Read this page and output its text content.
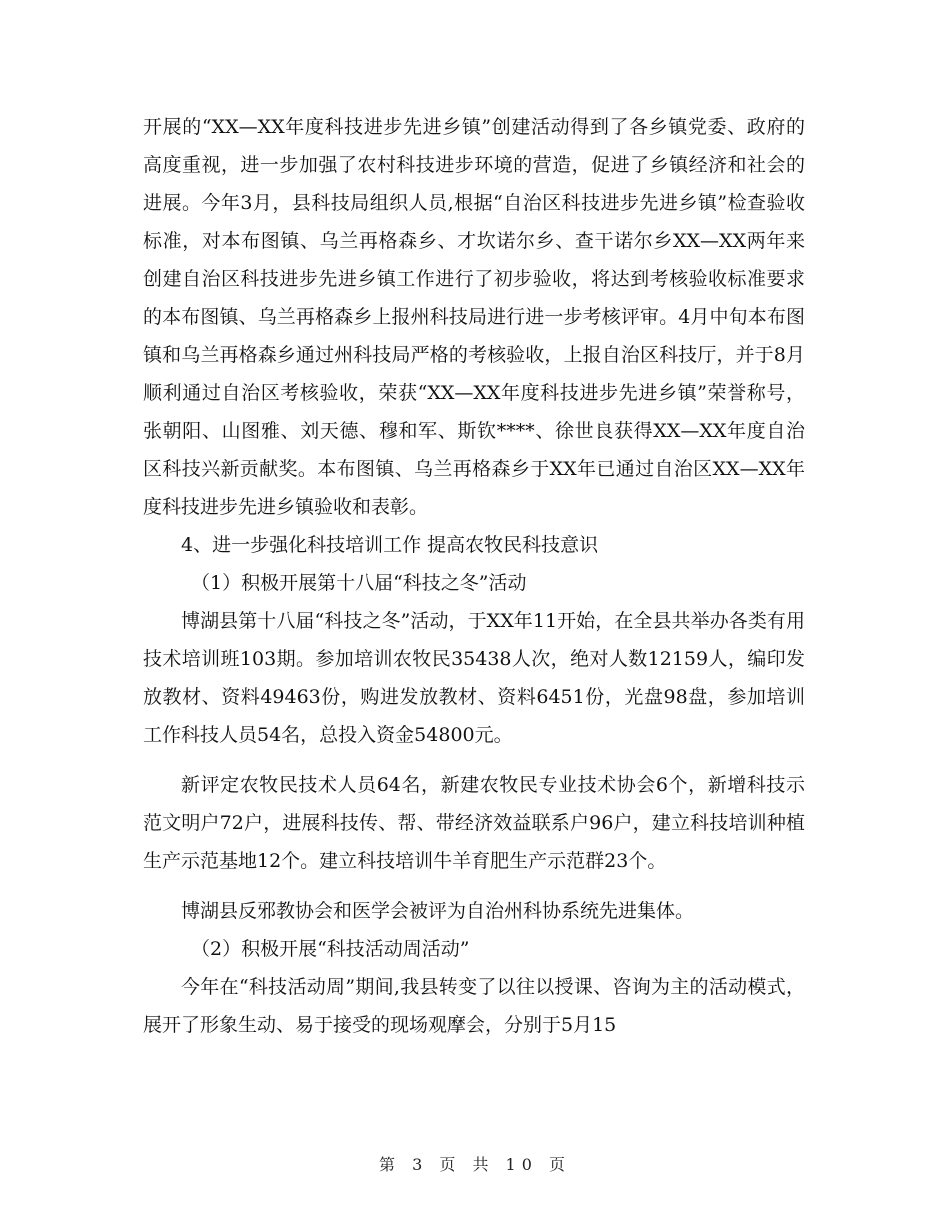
开展的“XX—XX年度科技进步先进乡镇”创建活动得到了各乡镇党委、政府的高度重视，进一步加强了农村科技进步环境的营造，促进了乡镇经济和社会的进展。今年3月，县科技局组织人员,根据“自治区科技进步先进乡镇”检查验收标准，对本布图镇、乌兰再格森乡、才坎诺尔乡、查干诺尔乡XX—XX两年来创建自治区科技进步先进乡镇工作进行了初步验收，将达到考核验收标准要求的本布图镇、乌兰再格森乡上报州科技局进行进一步考核评审。4月中旬本布图镇和乌兰再格森乡通过州科技局严格的考核验收，上报自治区科技厅，并于8月顺利通过自治区考核验收，荣获“XX—XX年度科技进步先进乡镇”荣誉称号，张朝阳、山图雅、刘天德、穆和军、斯钦****、徐世良获得XX—XX年度自治区科技兴新贡献奖。本布图镇、乌兰再格森乡于XX年已通过自治区XX—XX年度科技进步先进乡镇验收和表彰。

4、进一步强化科技培训工作 提高农牧民科技意识

（1）积极开展第十八届“科技之冬”活动

博湖县第十八届“科技之冬”活动，于XX年11开始，在全县共举办各类有用技术培训班103期。参加培训农牧民35438人次，绝对人数12159人，编印发放教材、资料49463份，购进发放教材、资料6451份，光盘98盘，参加培训工作科技人员54名，总投入资金54800元。

新评定农牧民技术人员64名，新建农牧民专业技术协会6个，新增科技示范文明户72户，进展科技传、帮、带经济效益联系户96户，建立科技培训种植生产示范基地12个。建立科技培训牛羊育肥生产示范群23个。

博湖县反邪教协会和医学会被评为自治州科协系统先进集体。

（2）积极开展“科技活动周活动”

今年在“科技活动周”期间,我县转变了以往以授课、咨询为主的活动模式，展开了形象生动、易于接受的现场观摩会，分别于5月15

第 3 页 共 10 页
